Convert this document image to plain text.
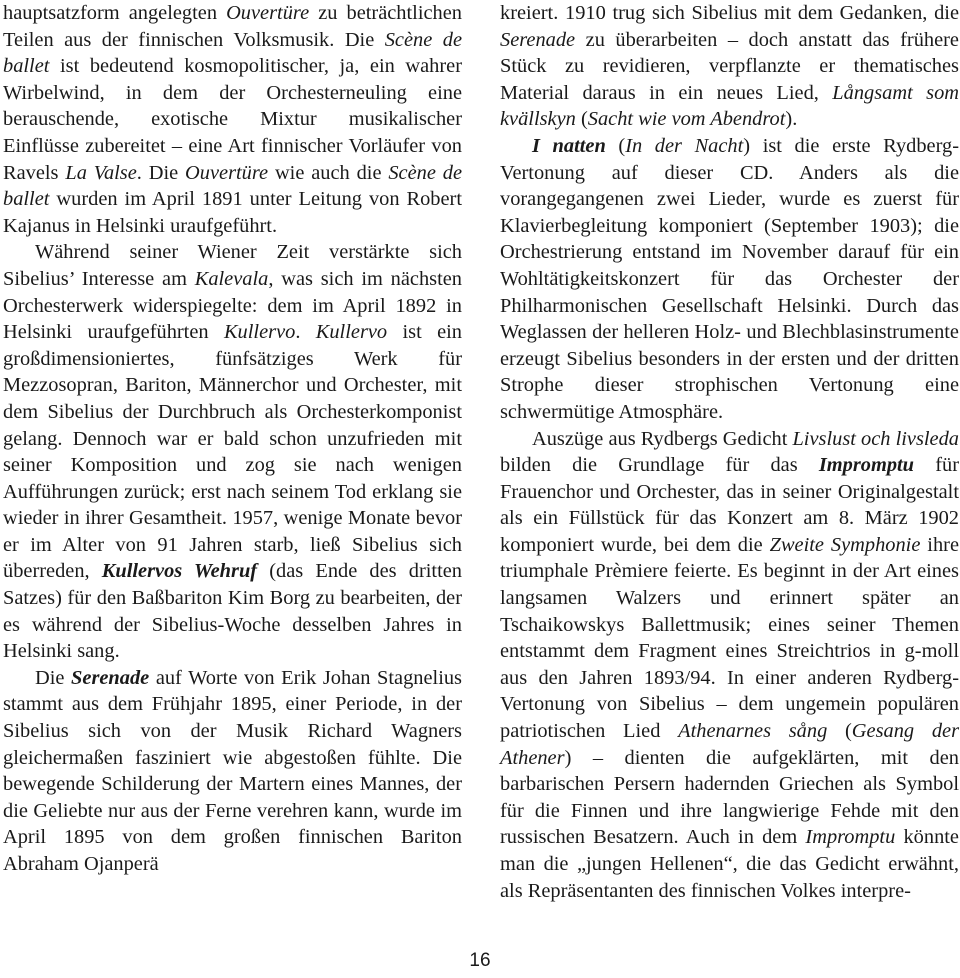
hauptsatzform angelegten Ouvertüre zu beträchtlichen Teilen aus der finnischen Volksmusik. Die Scène de ballet ist bedeutend kosmopolitischer, ja, ein wahrer Wirbelwind, in dem der Orchesterneuling eine berauschende, exotische Mixtur musikalischer Einflüsse zubereitet – eine Art finnischer Vorläufer von Ravels La Valse. Die Ouvertüre wie auch die Scène de ballet wurden im April 1891 unter Leitung von Robert Kajanus in Helsinki uraufgeführt.

Während seiner Wiener Zeit verstärkte sich Sibelius’ Interesse am Kalevala, was sich im nächsten Orchesterwerk widerspiegelte: dem im April 1892 in Helsinki uraufgeführten Kullervo. Kullervo ist ein großdimensioniertes, fünfsätziges Werk für Mezzosopran, Bariton, Männerchor und Orchester, mit dem Sibelius der Durchbruch als Orchesterkomponist gelang. Dennoch war er bald schon unzufrieden mit seiner Komposition und zog sie nach wenigen Aufführungen zurück; erst nach seinem Tod erklang sie wieder in ihrer Gesamtheit. 1957, wenige Monate bevor er im Alter von 91 Jahren starb, ließ Sibelius sich überreden, Kullervos Wehruf (das Ende des dritten Satzes) für den Baßbariton Kim Borg zu bearbeiten, der es während der Sibelius-Woche desselben Jahres in Helsinki sang.

Die Serenade auf Worte von Erik Johan Stagnelius stammt aus dem Frühjahr 1895, einer Periode, in der Sibelius sich von der Musik Richard Wagners gleichermaßen fasziniert wie abgestoßen fühlte. Die bewegende Schilderung der Martern eines Mannes, der die Geliebte nur aus der Ferne verehren kann, wurde im April 1895 von dem großen finnischen Bariton Abraham Ojanperä

kreiert. 1910 trug sich Sibelius mit dem Gedanken, die Serenade zu überarbeiten – doch anstatt das frühere Stück zu revidieren, verpflanzte er thematisches Material daraus in ein neues Lied, Långsamt som kvällskyn (Sacht wie vom Abendrot).

I natten (In der Nacht) ist die erste Rydberg-Vertonung auf dieser CD. Anders als die vorangegangenen zwei Lieder, wurde es zuerst für Klavierbegleitung komponiert (September 1903); die Orchestrierung entstand im November darauf für ein Wohltätigkeitskonzert für das Orchester der Philharmonischen Gesellschaft Helsinki. Durch das Weglassen der helleren Holz- und Blechblasinstrumente erzeugt Sibelius besonders in der ersten und der dritten Strophe dieser strophischen Vertonung eine schwermütige Atmosphäre.

Auszüge aus Rydbergs Gedicht Livslust och livsleda bilden die Grundlage für das Impromptu für Frauenchor und Orchester, das in seiner Originalgestalt als ein Füllstück für das Konzert am 8. März 1902 komponiert wurde, bei dem die Zweite Symphonie ihre triumphale Prèmiere feierte. Es beginnt in der Art eines langsamen Walzers und erinnert später an Tschaikowskys Ballettmusik; eines seiner Themen entstammt dem Fragment eines Streichtrios in g-moll aus den Jahren 1893/94. In einer anderen Rydberg-Vertonung von Sibelius – dem ungemein populären patriotischen Lied Athenarnes sång (Gesang der Athener) – dienten die aufgeklärten, mit den barbarischen Persern hadernden Griechen als Symbol für die Finnen und ihre langwierige Fehde mit den russischen Besatzern. Auch in dem Impromptu könnte man die „jungen Hellenen“, die das Gedicht erwähnt, als Repräsentanten des finnischen Volkes interpre-

16
